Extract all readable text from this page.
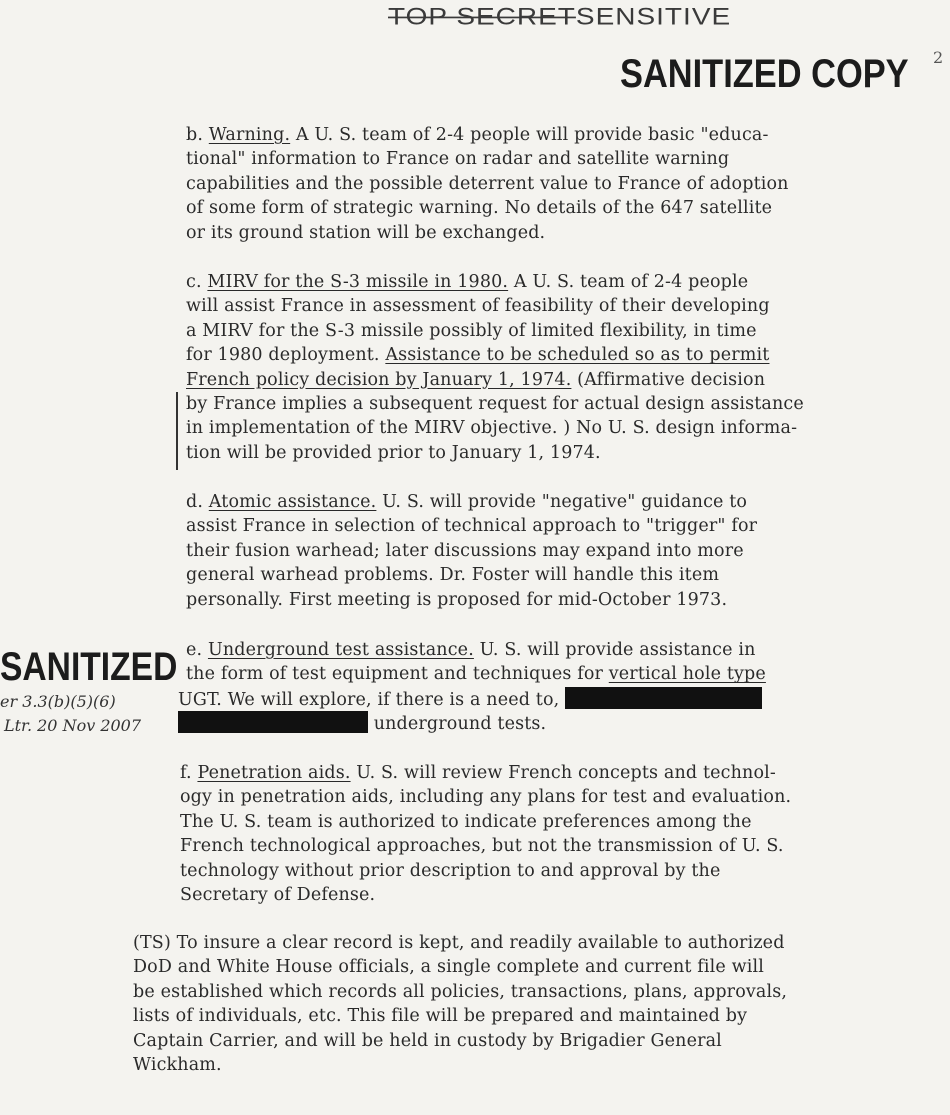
TOP SECRETSENSITIVE
SANITIZED COPY 2
SANITIZED
er 3.3(b)(5)(6)
Ltr. 20 Nov 2007
b. Warning. A U. S. team of 2-4 people will provide basic "educa-
tional" information to France on radar and satellite warning
capabilities and the possible deterrent value to France of adoption
of some form of strategic warning. No details of the 647 satellite
or its ground station will be exchanged.
c. MIRV for the S-3 missile in 1980. A U. S. team of 2-4 people
will assist France in assessment of feasibility of their developing
a MIRV for the S-3 missile possibly of limited flexibility, in time
for 1980 deployment. Assistance to be scheduled so as to permit
French policy decision by January 1, 1974. (Affirmative decision
by France implies a subsequent request for actual design assistance
in implementation of the MIRV objective. ) No U. S. design informa-
tion will be provided prior to January 1, 1974.
d. Atomic assistance. U. S. will provide "negative" guidance to
assist France in selection of technical approach to "trigger" for
their fusion warhead; later discussions may expand into more
general warhead problems. Dr. Foster will handle this item
personally. First meeting is proposed for mid-October 1973.
e. Underground test assistance. U. S. will provide assistance in
the form of test equipment and techniques for vertical hole type
UGT. We will explore, if there is a need to,
underground tests.
f. Penetration aids. U. S. will review French concepts and technol-
ogy in penetration aids, including any plans for test and evaluation.
The U. S. team is authorized to indicate preferences among the
French technological approaches, but not the transmission of U. S.
technology without prior description to and approval by the
Secretary of Defense.
(TS) To insure a clear record is kept, and readily available to authorized
DoD and White House officials, a single complete and current file will
be established which records all policies, transactions, plans, approvals,
lists of individuals, etc. This file will be prepared and maintained by
Captain Carrier, and will be held in custody by Brigadier General
Wickham.
